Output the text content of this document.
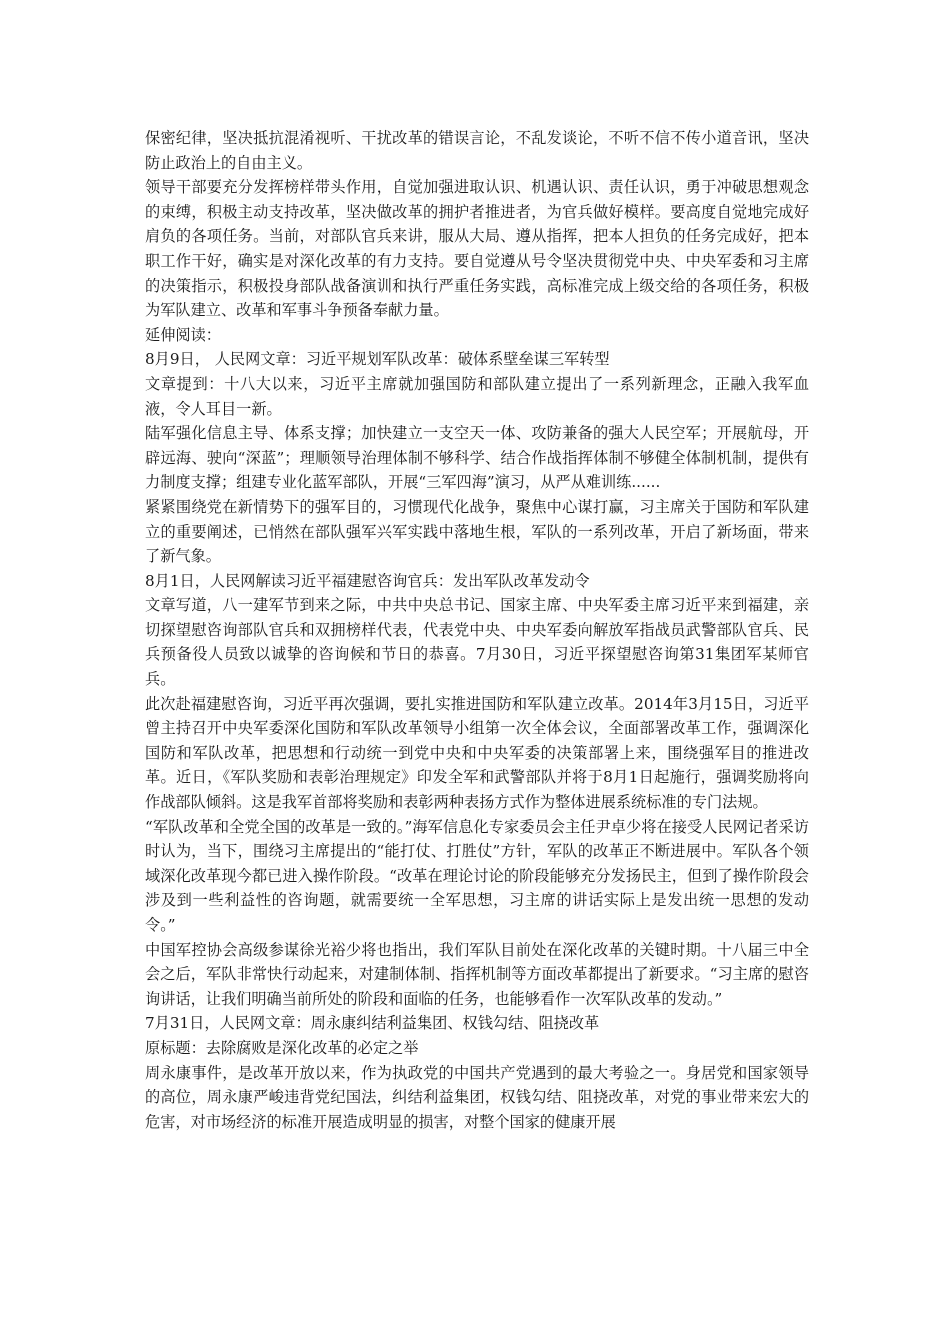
保密纪律，坚决抵抗混淆视听、干扰改革的错误言论，不乱发谈论，不听不信不传小道音讯，坚决防止政治上的自由主义。

领导干部要充分发挥榜样带头作用，自觉加强进取认识、机遇认识、责任认识，勇于冲破思想观念的束缚，积极主动支持改革，坚决做改革的拥护者推进者，为官兵做好模样。要高度自觉地完成好肩负的各项任务。当前，对部队官兵来讲，服从大局、遵从指挥，把本人担负的任务完成好，把本职工作干好，确实是对深化改革的有力支持。要自觉遵从号令坚决贯彻党中央、中央军委和习主席的决策指示，积极投身部队战备演训和执行严重任务实践，高标准完成上级交给的各项任务，积极为军队建立、改革和军事斗争预备奉献力量。

延伸阅读：

8月9日， 人民网文章：习近平规划军队改革：破体系壁垒谋三军转型

文章提到：十八大以来，习近平主席就加强国防和部队建立提出了一系列新理念，正融入我军血液，令人耳目一新。

陆军强化信息主导、体系支撑；加快建立一支空天一体、攻防兼备的强大人民空军；开展航母，开辟远海、驶向“深蓝”；理顺领导治理体制不够科学、结合作战指挥体制不够健全体制机制，提供有力制度支撑；组建专业化蓝军部队，开展“三军四海”演习，从严从难训练......

紧紧围绕党在新情势下的强军目的，习惯现代化战争，聚焦中心谋打赢，习主席关于国防和军队建立的重要阐述，已悄然在部队强军兴军实践中落地生根，军队的一系列改革，开启了新场面，带来了新气象。

8月1日，人民网解读习近平福建慰咨询官兵：发出军队改革发动令

文章写道，八一建军节到来之际，中共中央总书记、国家主席、中央军委主席习近平来到福建，亲切探望慰咨询部队官兵和双拥榜样代表，代表党中央、中央军委向解放军指战员武警部队官兵、民兵预备役人员致以诚挚的咨询候和节日的恭喜。7月30日，习近平探望慰咨询第31集团军某师官兵。

此次赴福建慰咨询，习近平再次强调，要扎实推进国防和军队建立改革。2014年3月15日，习近平曾主持召开中央军委深化国防和军队改革领导小组第一次全体会议，全面部署改革工作，强调深化国防和军队改革，把思想和行动统一到党中央和中央军委的决策部署上来，围绕强军目的推进改革。近日，《军队奖励和表彰治理规定》印发全军和武警部队并将于8月1日起施行，强调奖励将向作战部队倾斜。这是我军首部将奖励和表彰两种表扬方式作为整体进展系统标准的专门法规。

“军队改革和全党全国的改革是一致的。”海军信息化专家委员会主任尹卓少将在接受人民网记者采访时认为，当下，围绕习主席提出的“能打仗、打胜仗”方针，军队的改革正不断进展中。军队各个领域深化改革现今都已进入操作阶段。“改革在理论讨论的阶段能够充分发扬民主，但到了操作阶段会涉及到一些利益性的咨询题，就需要统一全军思想，习主席的讲话实际上是发出统一思想的发动令。”

中国军控协会高级参谋徐光裕少将也指出，我们军队目前处在深化改革的关键时期。十八届三中全会之后，军队非常快行动起来，对建制体制、指挥机制等方面改革都提出了新要求。“习主席的慰咨询讲话，让我们明确当前所处的阶段和面临的任务，也能够看作一次军队改革的发动。”

7月31日，人民网文章：周永康纠结利益集团、权钱勾结、阻挠改革

原标题：去除腐败是深化改革的必定之举

周永康事件，是改革开放以来，作为执政党的中国共产党遇到的最大考验之一。身居党和国家领导的高位，周永康严峻违背党纪国法，纠结利益集团，权钱勾结、阻挠改革，对党的事业带来宏大的危害，对市场经济的标准开展造成明显的损害，对整个国家的健康开展
